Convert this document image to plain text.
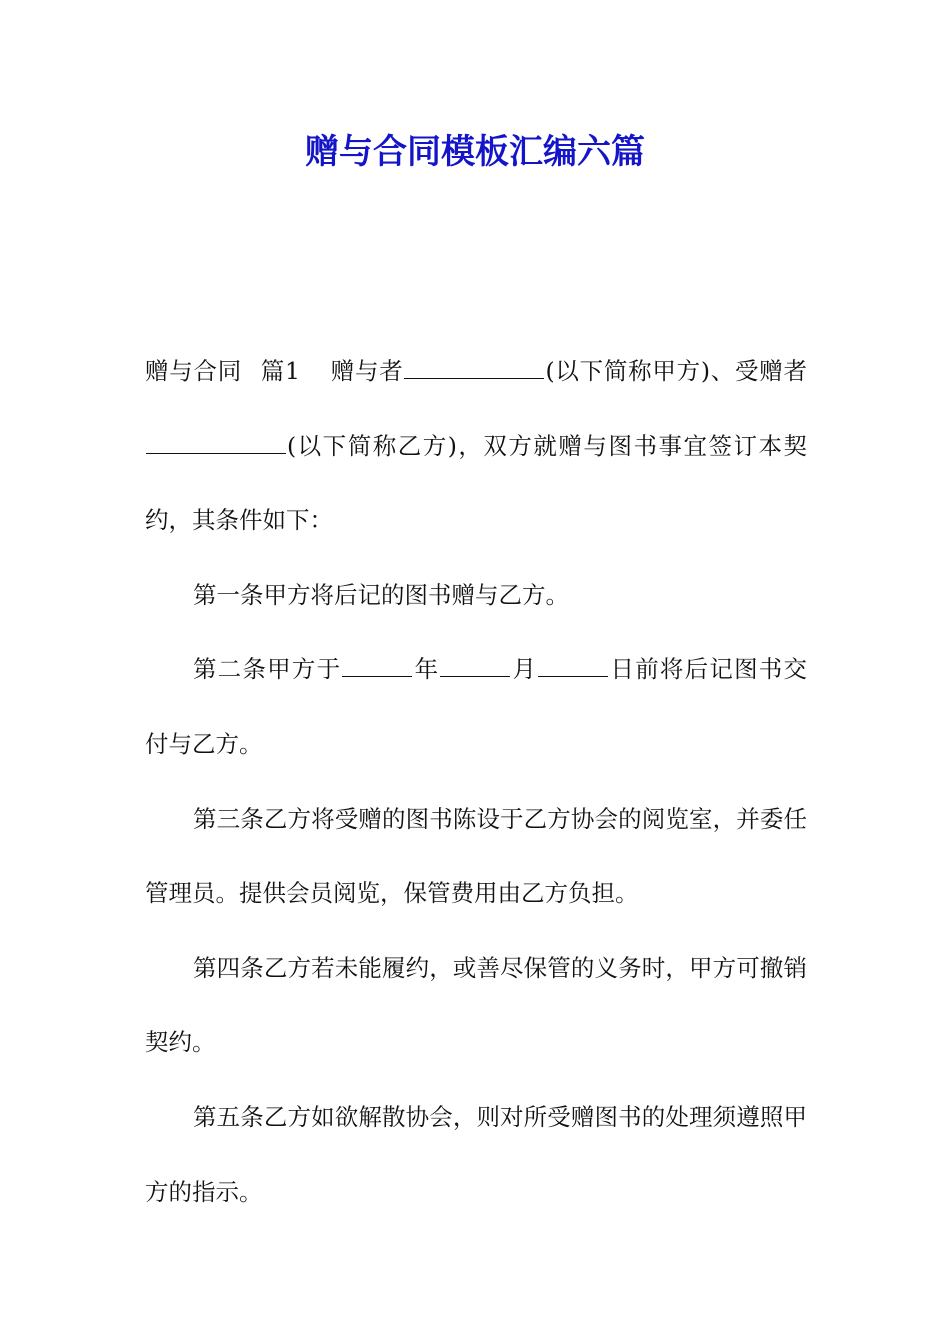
赠与合同模板汇编六篇

赠与合同 篇1 赠与者	(以下简称甲方)、受赠者(以下简称乙方)，双方就赠与图书事宜签订本契约，其条件如下：

第一条甲方将后记的图书赠与乙方。

第二条甲方于	年	月	日前将后记图书交付与乙方。

第三条乙方将受赠的图书陈设于乙方协会的阅览室，并委任管理员。提供会员阅览，保管费用由乙方负担。

第四条乙方若未能履约，或善尽保管的义务时，甲方可撤销契约。

第五条乙方如欲解散协会，则对所受赠图书的处理须遵照甲方的指示。
